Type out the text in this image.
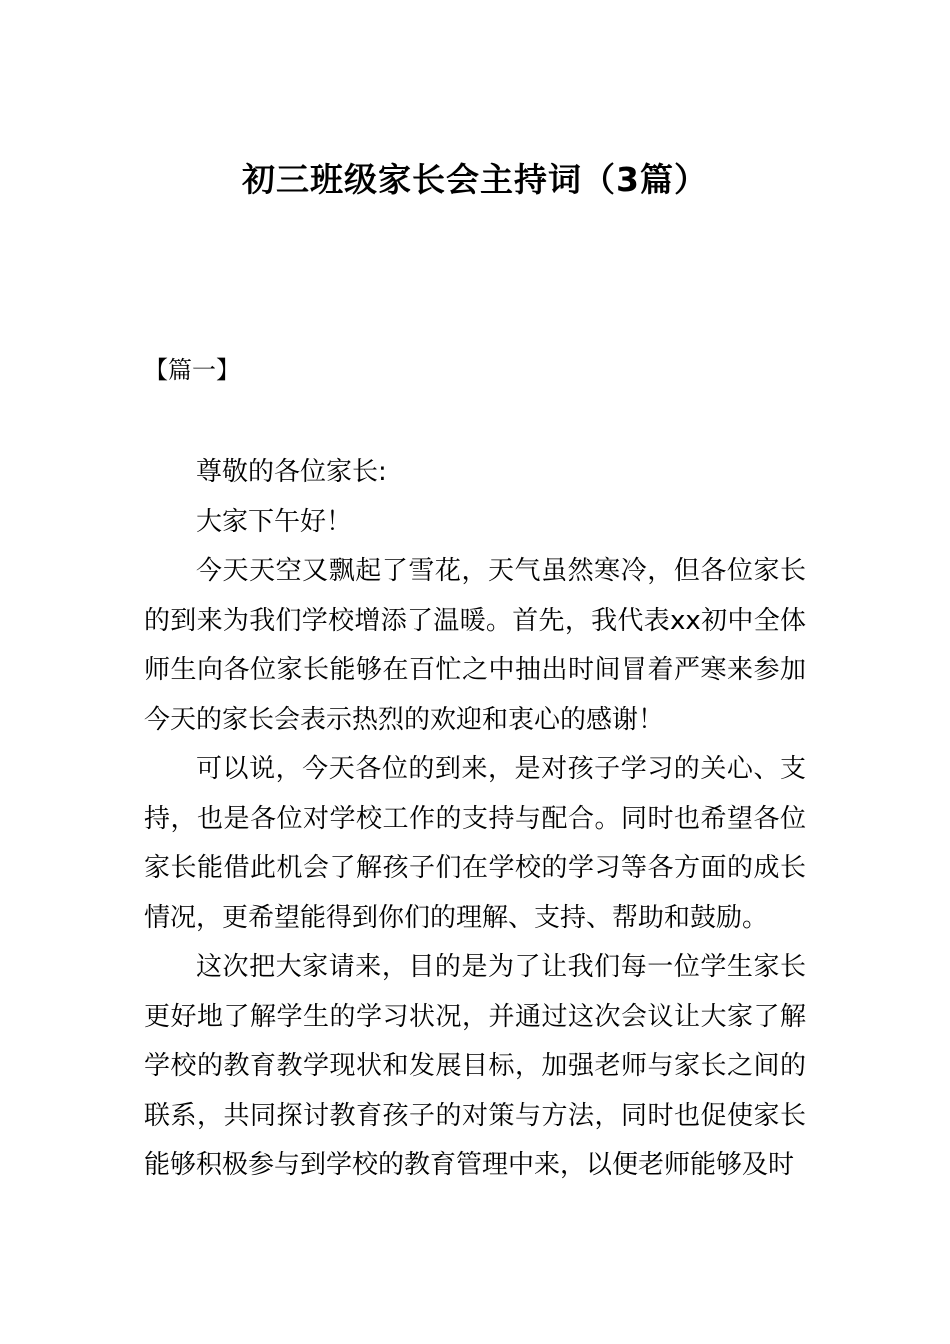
初三班级家长会主持词（3篇）
【篇一】

尊敬的各位家长:

大家下午好！

今天天空又飘起了雪花，天气虽然寒冷，但各位家长的到来为我们学校增添了温暖。首先，我代表xx初中全体师生向各位家长能够在百忙之中抽出时间冒着严寒来参加今天的家长会表示热烈的欢迎和衷心的感谢！

可以说，今天各位的到来，是对孩子学习的关心、支持，也是各位对学校工作的支持与配合。同时也希望各位家长能借此机会了解孩子们在学校的学习等各方面的成长情况，更希望能得到你们的理解、支持、帮助和鼓励。

这次把大家请来，目的是为了让我们每一位学生家长更好地了解学生的学习状况，并通过这次会议让大家了解学校的教育教学现状和发展目标，加强老师与家长之间的联系，共同探讨教育孩子的对策与方法，同时也促使家长能够积极参与到学校的教育管理中来，以便老师能够及时
